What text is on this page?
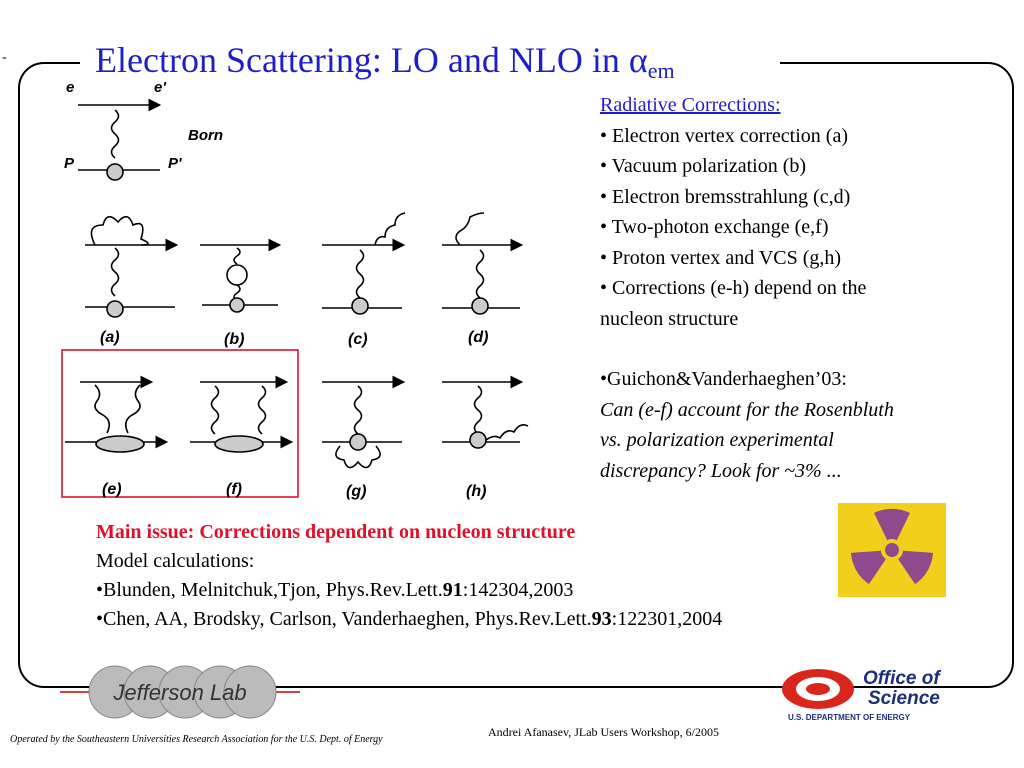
- Electron Scattering: LO and NLO in $\alpha_{em}$
e	e'
Born
P	P'
(a)	(b)	(c)	(d)
(e)	(f)	(g)	(h)
Radiative Corrections:
• Electron vertex correction (a)
• Vacuum polarization (b)
• Electron bremsstrahlung (c,d)
• Two-photon exchange (e,f)
• Proton vertex and VCS (g,h)
• Corrections (e-h) depend on the
nucleon structure
•Guichon&Vanderhaeghen’03:
Can (e-f) account for the Rosenbluth
vs. polarization experimental
discrepancy? Look for ~3% ...
Main issue: Corrections dependent on nucleon structure
Model calculations:
•Blunden, Melnitchuk,Tjon, Phys.Rev.Lett.91:142304,2003
•Chen, AA, Brodsky, Carlson, Vanderhaeghen, Phys.Rev.Lett.93:122301,2004
Jefferson Lab
Office of
Science
U.S. DEPARTMENT OF ENERGY
Andrei Afanasev, JLab Users Workshop, 6/2005
Operated by the Southeastern Universities Research Association for the U.S. Dept. of Energy
